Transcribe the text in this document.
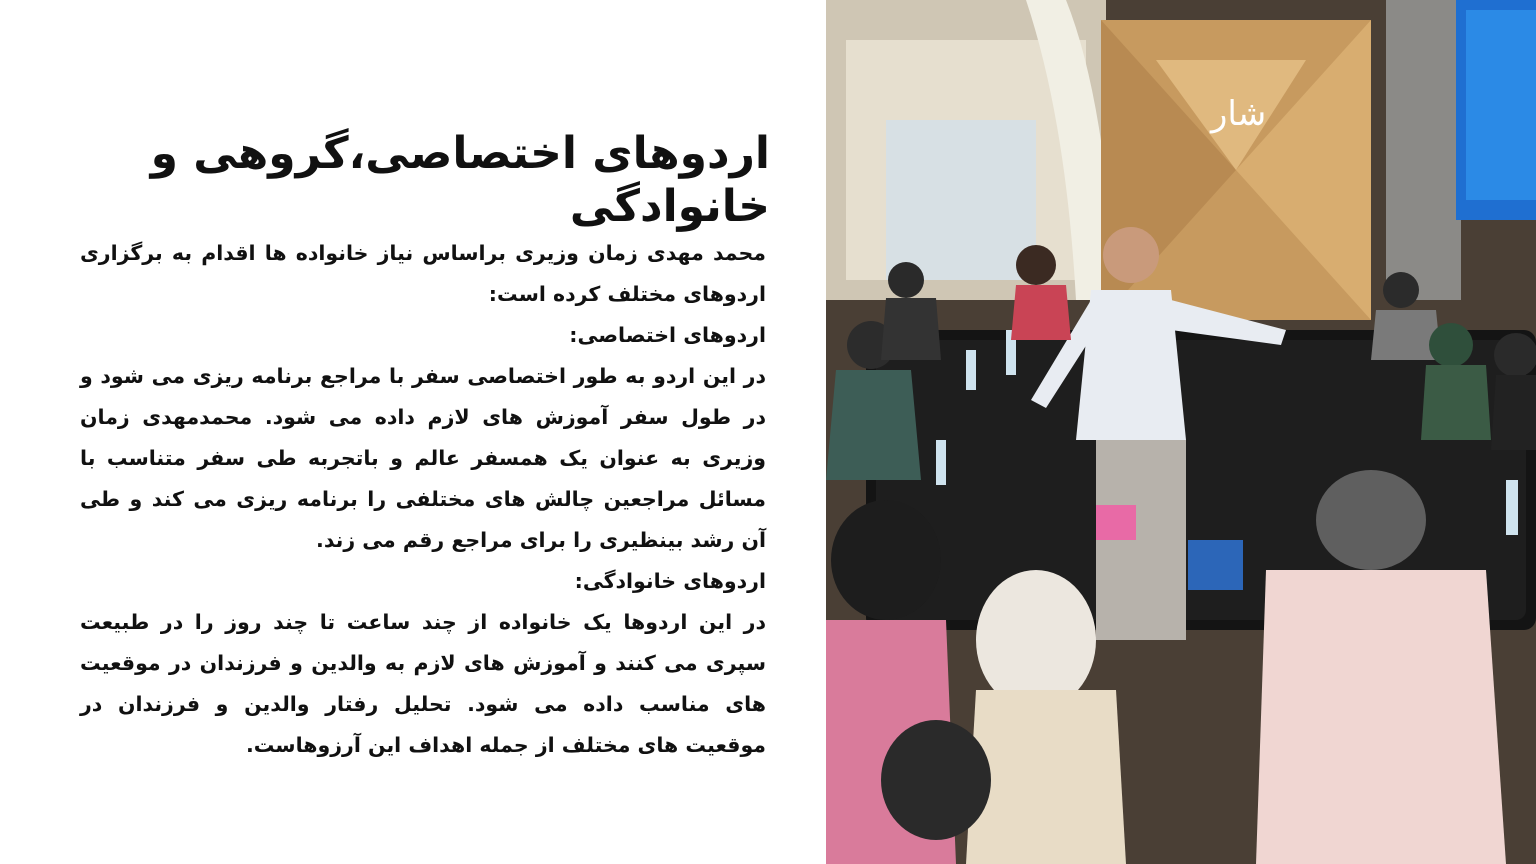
اردوهای اختصاصی،گروهی و خانوادگی

محمد مهدی زمان وزیری براساس نیاز خانواده ها اقدام به برگزاری اردوهای مختلف کرده است:

اردوهای اختصاصی:

در این اردو به طور اختصاصی سفر با مراجع برنامه ریزی می شود و در طول سفر آموزش های لازم داده می شود. محمدمهدی زمان وزیری به عنوان یک همسفر عالم و باتجربه طی سفر متناسب با مسائل مراجعین چالش های مختلفی را برنامه ریزی می کند و طی آن رشد بینظیری را برای مراجع رقم می زند.

اردوهای خانوادگی:

در این اردوها یک خانواده از چند ساعت تا چند روز را در طبیعت سپری می کنند و آموزش های لازم به والدین و فرزندان در موقعیت های مناسب داده می شود. تحلیل رفتار والدین و فرزندان در موقعیت های مختلف از جمله اهداف این آرزوهاست.

ﺷﺎﺭ
